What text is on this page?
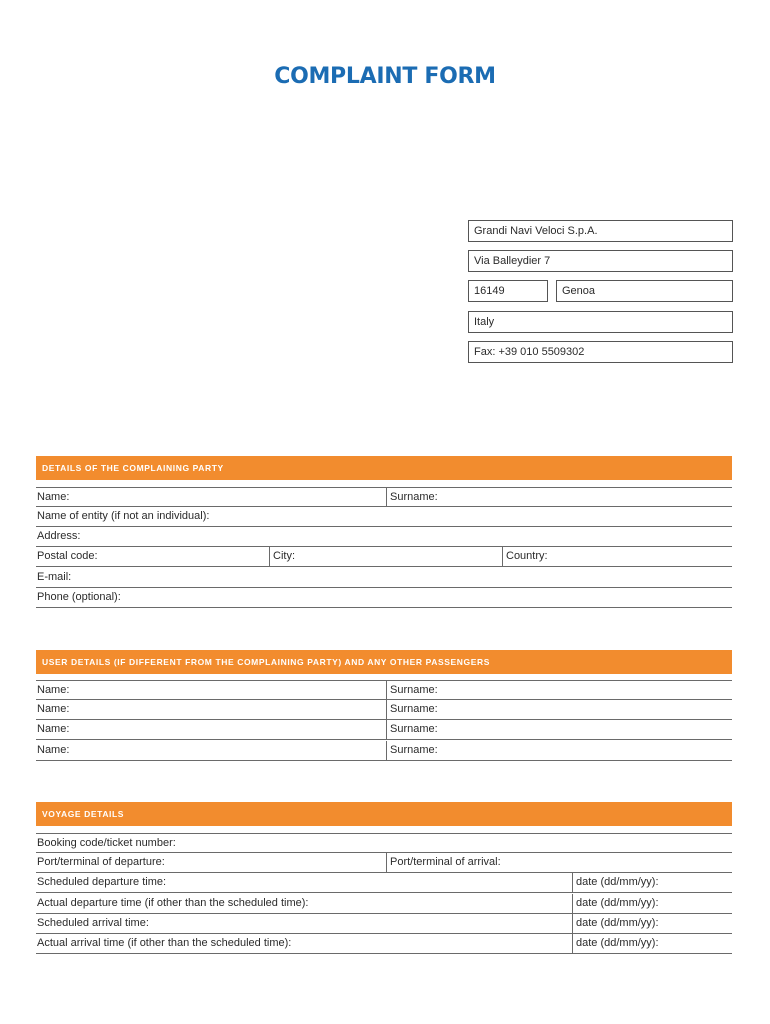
COMPLAINT FORM
Grandi Navi Veloci S.p.A.
Via Balleydier 7
16149	Genoa
Italy
Fax: +39 010 5509302
DETAILS OF THE COMPLAINING PARTY
Name:	Surname:
Name of entity (if not an individual):
Address:
Postal code:	City:	Country:
E-mail:
Phone (optional):
USER DETAILS (IF DIFFERENT FROM THE COMPLAINING PARTY) AND ANY OTHER PASSENGERS
Name:	Surname:
Name:	Surname:
Name:	Surname:
Name:	Surname:
VOYAGE DETAILS
Booking code/ticket number:
Port/terminal of departure:	Port/terminal of arrival:
Scheduled departure time:	date (dd/mm/yy):
Actual departure time (if other than the scheduled time):	date (dd/mm/yy):
Scheduled arrival time:	date (dd/mm/yy):
Actual arrival time (if other than the scheduled time):	date (dd/mm/yy):
